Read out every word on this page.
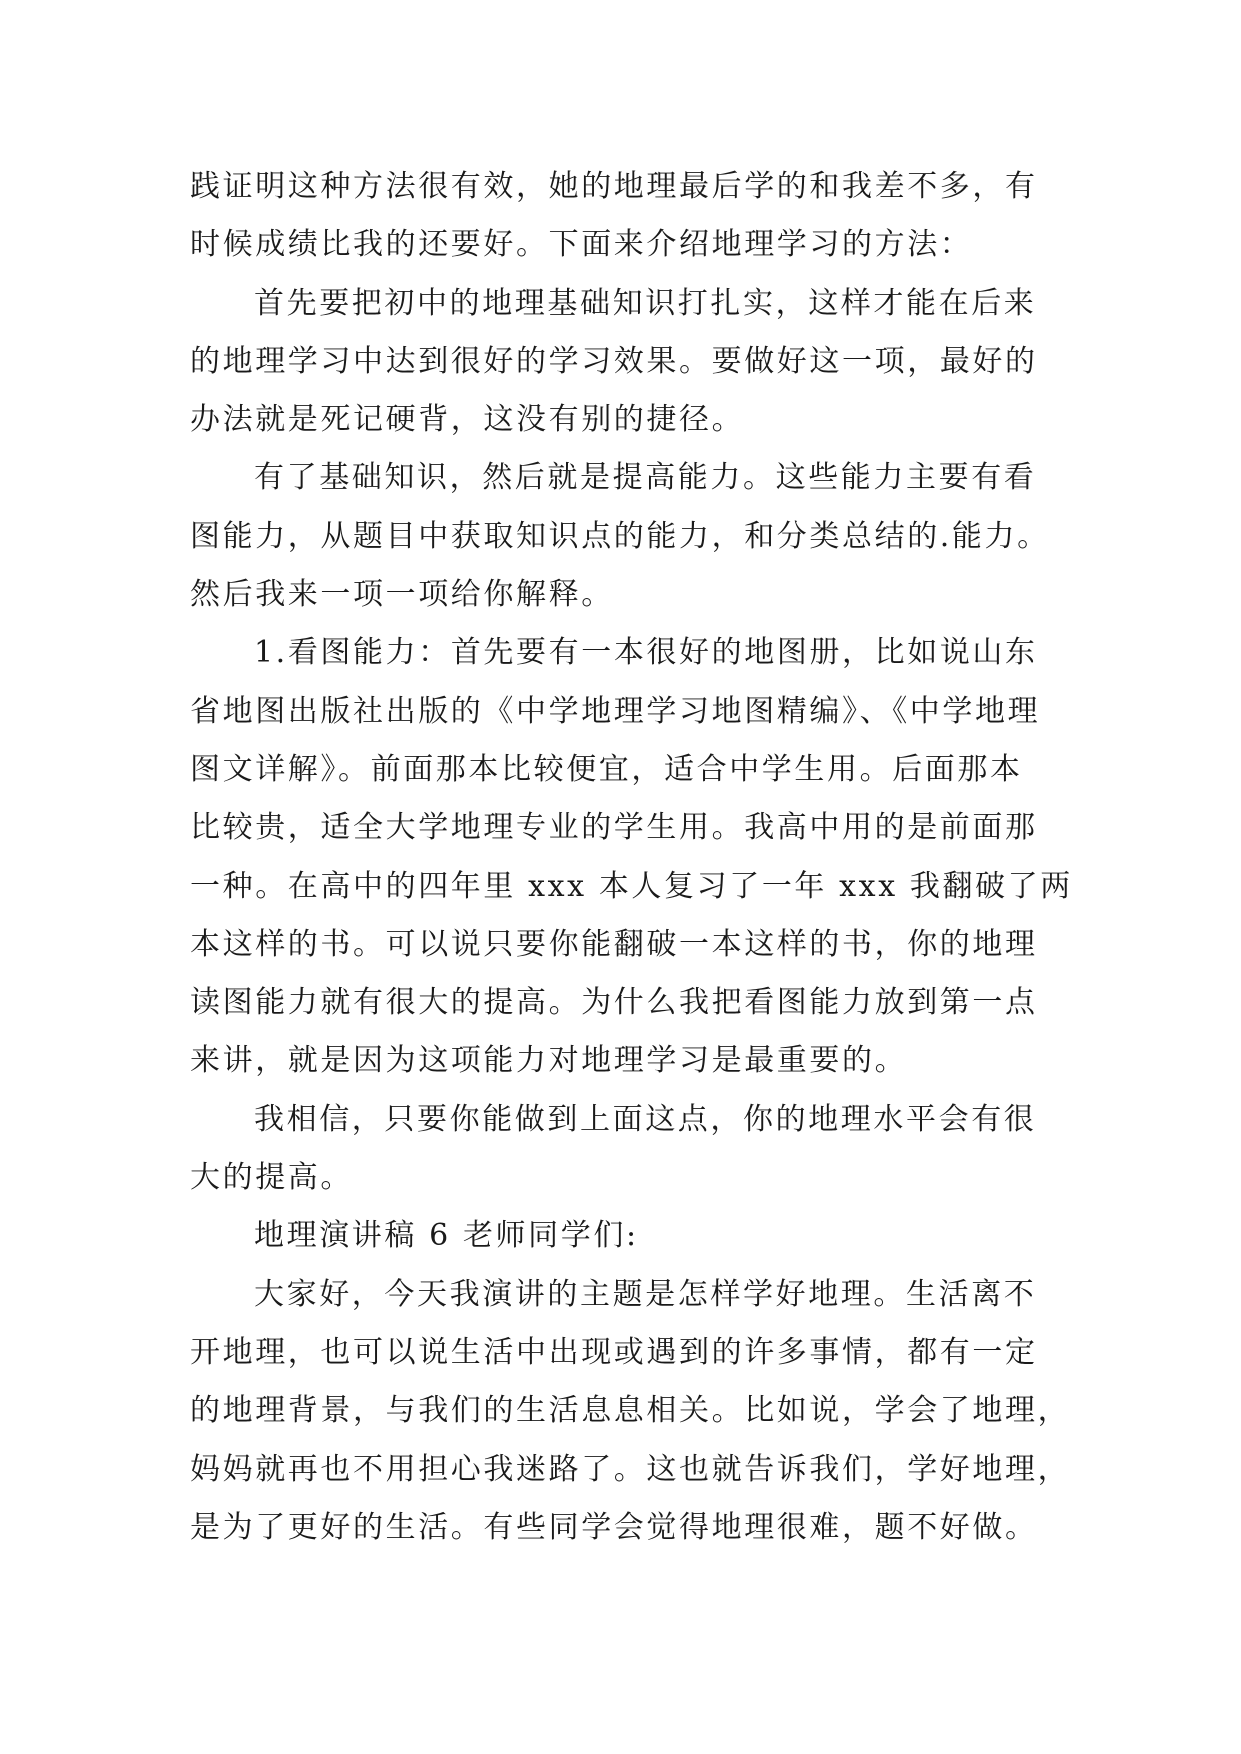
践证明这种方法很有效，她的地理最后学的和我差不多，有
时候成绩比我的还要好。下面来介绍地理学习的方法：

首先要把初中的地理基础知识打扎实，这样才能在后来
的地理学习中达到很好的学习效果。要做好这一项，最好的
办法就是死记硬背，这没有别的捷径。

有了基础知识，然后就是提高能力。这些能力主要有看
图能力，从题目中获取知识点的能力，和分类总结的.能力。
然后我来一项一项给你解释。

1.看图能力：首先要有一本很好的地图册，比如说山东
省地图出版社出版的《中学地理学习地图精编》、《中学地理
图文详解》。前面那本比较便宜，适合中学生用。后面那本
比较贵，适全大学地理专业的学生用。我高中用的是前面那
一种。在高中的四年里 xxx 本人复习了一年 xxx 我翻破了两
本这样的书。可以说只要你能翻破一本这样的书，你的地理
读图能力就有很大的提高。为什么我把看图能力放到第一点
来讲，就是因为这项能力对地理学习是最重要的。

我相信，只要你能做到上面这点，你的地理水平会有很
大的提高。

地理演讲稿 6 老师同学们:

大家好，今天我演讲的主题是怎样学好地理。生活离不
开地理，也可以说生活中出现或遇到的许多事情，都有一定
的地理背景，与我们的生活息息相关。比如说，学会了地理，
妈妈就再也不用担心我迷路了。这也就告诉我们，学好地理，
是为了更好的生活。有些同学会觉得地理很难，题不好做。
